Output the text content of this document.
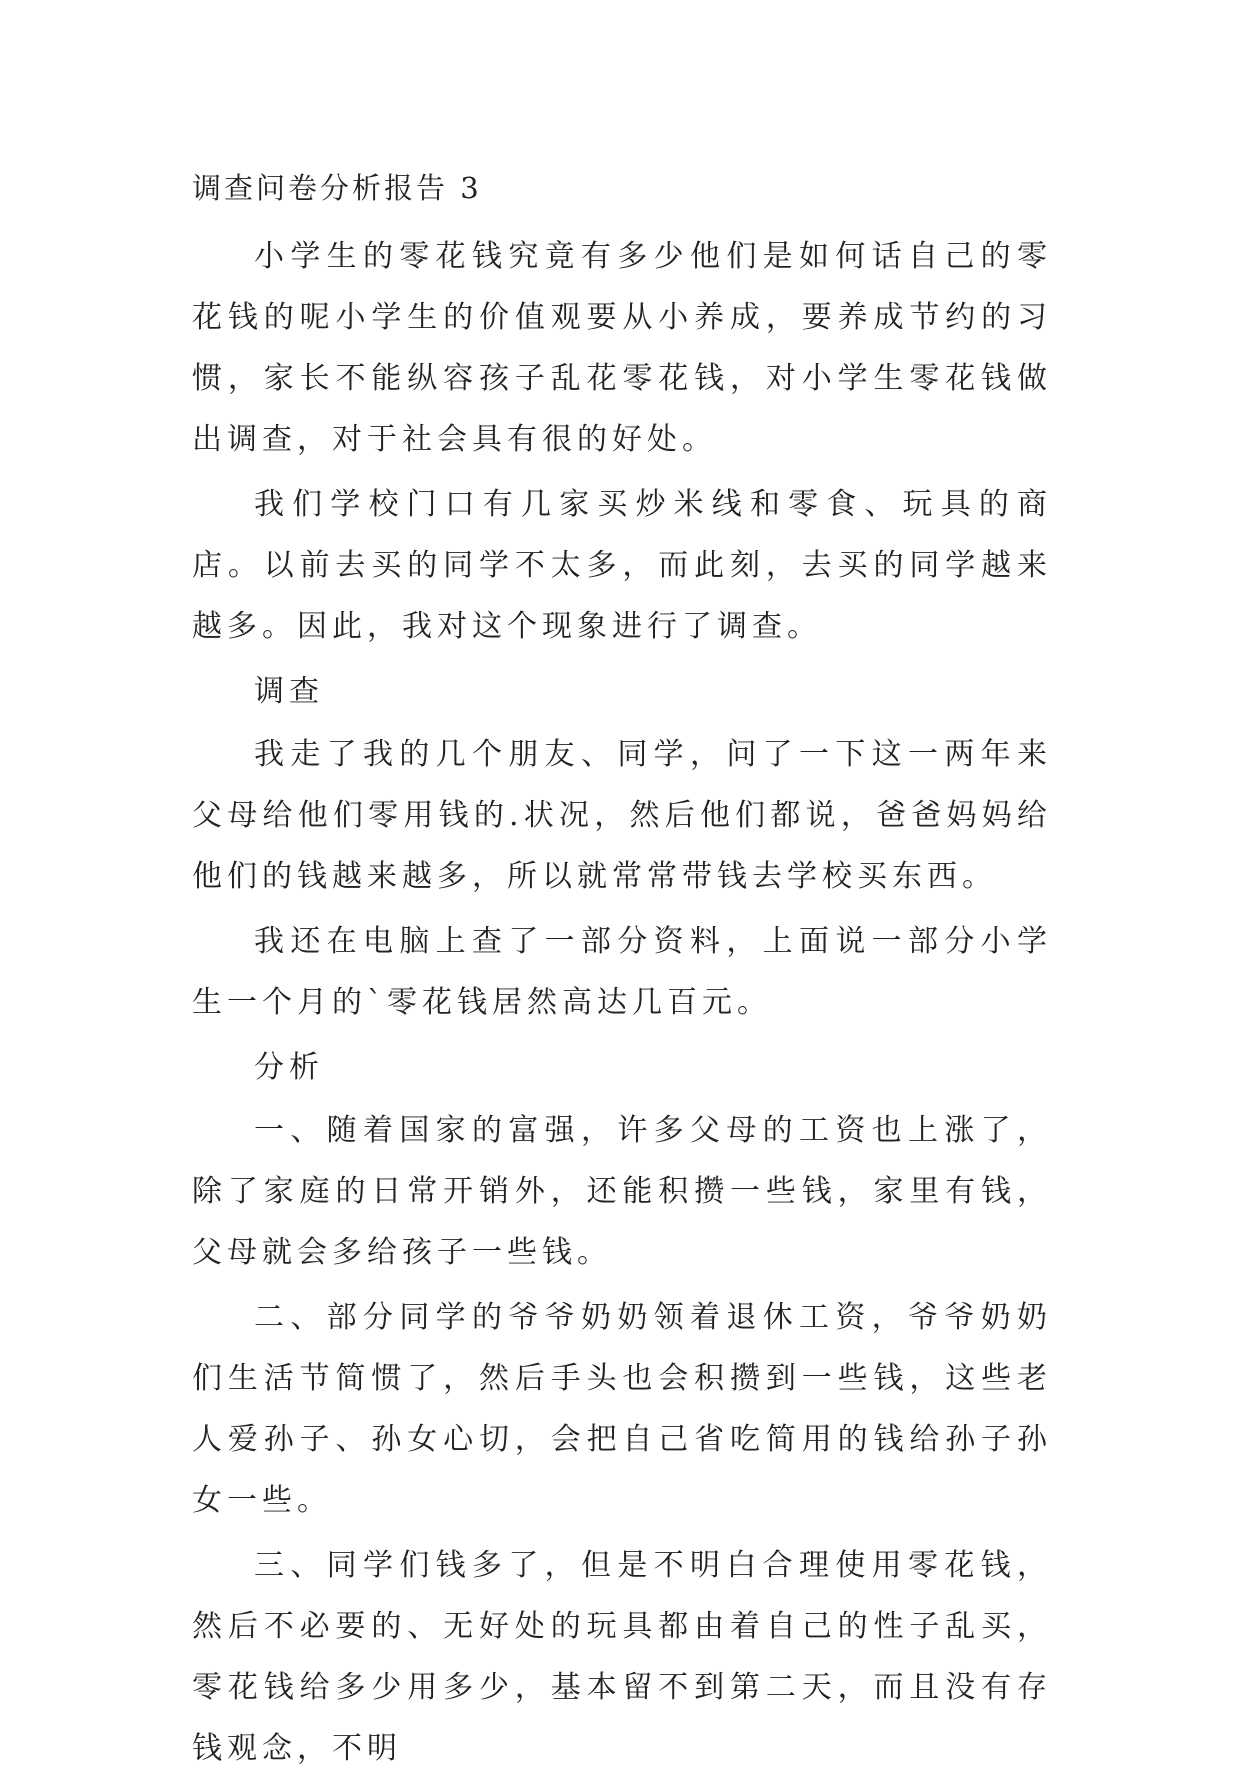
调查问卷分析报告 3

小学生的零花钱究竟有多少他们是如何话自己的零花钱的呢小学生的价值观要从小养成，要养成节约的习惯，家长不能纵容孩子乱花零花钱，对小学生零花钱做出调查，对于社会具有很的好处。

我们学校门口有几家买炒米线和零食、玩具的商店。以前去买的同学不太多，而此刻，去买的同学越来越多。因此，我对这个现象进行了调查。

调查

我走了我的几个朋友、同学，问了一下这一两年来父母给他们零用钱的.状况，然后他们都说，爸爸妈妈给他们的钱越来越多，所以就常常带钱去学校买东西。

我还在电脑上查了一部分资料，上面说一部分小学生一个月的`零花钱居然高达几百元。

分析

一、随着国家的富强，许多父母的工资也上涨了，除了家庭的日常开销外，还能积攒一些钱，家里有钱，父母就会多给孩子一些钱。

二、部分同学的爷爷奶奶领着退休工资，爷爷奶奶们生活节简惯了，然后手头也会积攒到一些钱，这些老人爱孙子、孙女心切，会把自己省吃简用的钱给孙子孙女一些。

三、同学们钱多了，但是不明白合理使用零花钱，然后不必要的、无好处的玩具都由着自己的性子乱买，零花钱给多少用多少，基本留不到第二天，而且没有存钱观念，不明
